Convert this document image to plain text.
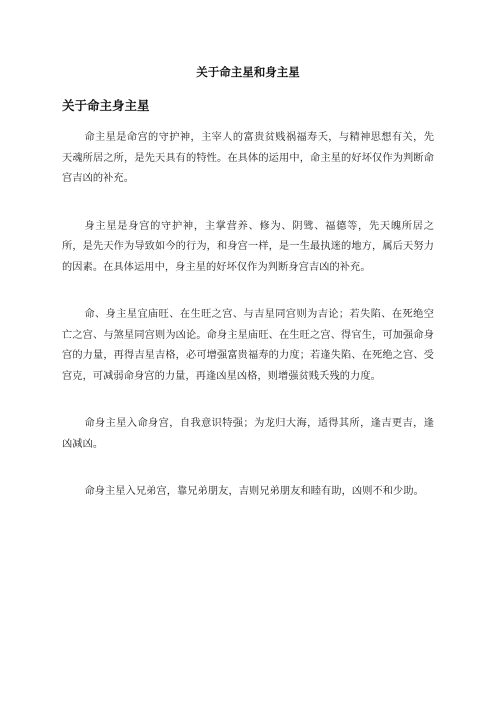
关于命主星和身主星
关于命主身主星

命主星是命宫的守护神，主宰人的富贵贫贱祸福寿夭，与精神思想有关，先天魂所居之所，是先天具有的特性。在具体的运用中，命主星的好坏仅作为判断命宫吉凶的补充。

身主星是身宫的守护神，主掌营养、修为、阴骘、福德等，先天魄所居之所，是先天作为导致如今的行为，和身宫一样，是一生最执迷的地方，属后天努力的因素。在具体运用中，身主星的好坏仅作为判断身宫吉凶的补充。

命、身主星宜庙旺、在生旺之宫、与吉星同宫则为吉论；若失陷、在死绝空亡之宫、与煞星同宫则为凶论。命身主星庙旺、在生旺之宫、得官生，可加强命身宫的力量，再得吉星吉格，必可增强富贵福寿的力度；若逢失陷、在死绝之宫、受宫克，可减弱命身宫的力量，再逢凶星凶格，则增强贫贱夭残的力度。

命身主星入命身宫，自我意识特强；为龙归大海，适得其所，逢吉更吉，逢凶减凶。

命身主星入兄弟宫，靠兄弟朋友，吉则兄弟朋友和睦有助，凶则不和少助。
